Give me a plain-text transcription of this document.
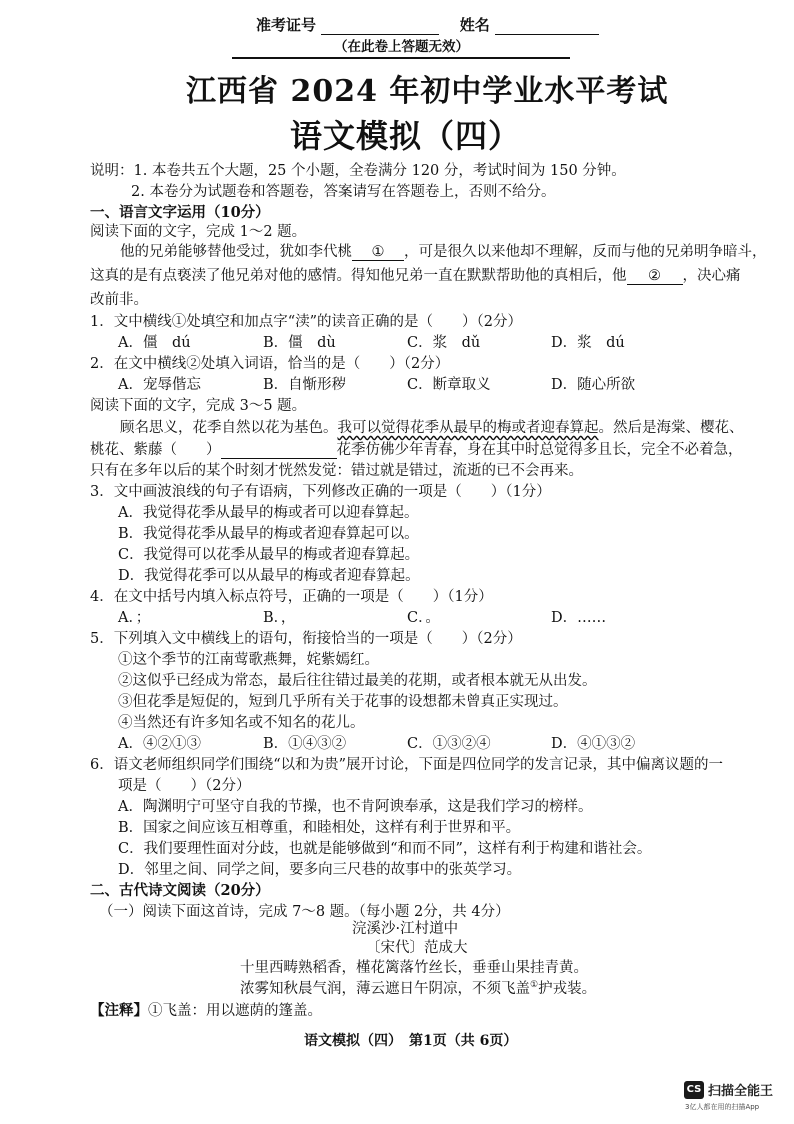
准考证号	姓名
（在此卷上答题无效）
江西省 2024 年初中学业水平考试
语文模拟（四）
说明：1. 本卷共五个大题，25 个小题，全卷满分 120 分，考试时间为 150 分钟。
2. 本卷分为试题卷和答题卷，答案请写在答题卷上，否则不给分。
一、语言文字运用（10分）
阅读下面的文字，完成 1～2 题。
他的兄弟能够替他受过，犹如李代桃 ① ，可是很久以来他却不理解，反而与他的兄弟明争暗斗，
这真的是有点亵渎了他兄弟对他的感情。得知他兄弟一直在默默帮助他的真相后，他 ② ，决心痛
改前非。
1．文中横线①处填空和加点字“渎”的读音正确的是（　　）（2分）
A．僵　dú	B．僵　dù	C．浆　dǔ	D．浆　dú
2．在文中横线②处填入词语，恰当的是（　　）（2分）
A．宠辱偕忘	B．自惭形秽	C．断章取义	D．随心所欲
阅读下面的文字，完成 3～5 题。
顾名思义，花季自然以花为基色。我可以觉得花季从最早的梅或者迎春算起。然后是海棠、樱花、
桃花、紫藤（　　）	花季仿佛少年青春，身在其中时总觉得多且长，完全不必着急，
只有在多年以后的某个时刻才恍然发觉：错过就是错过，流逝的已不会再来。
3．文中画波浪线的句子有语病，下列修改正确的一项是（　　）（1分）
A．我觉得花季从最早的梅或者可以迎春算起。
B．我觉得花季从最早的梅或者迎春算起可以。
C．我觉得可以花季从最早的梅或者迎春算起。
D．我觉得花季可以从最早的梅或者迎春算起。
4．在文中括号内填入标点符号，正确的一项是（　　）（1分）
A．；	B．，	C．。	D．……
5．下列填入文中横线上的语句，衔接恰当的一项是（　　）（2分）
①这个季节的江南莺歌燕舞，姹紫嫣红。
②这似乎已经成为常态，最后往往错过最美的花期，或者根本就无从出发。
③但花季是短促的，短到几乎所有关于花事的设想都未曾真正实现过。
④当然还有许多知名或不知名的花儿。
A．④②①③	B．①④③②	C．①③②④	D．④①③②
6．语文老师组织同学们围绕“以和为贵”展开讨论，下面是四位同学的发言记录，其中偏离议题的一
项是（　　）（2分）
A．陶渊明宁可坚守自我的节操，也不肯阿谀奉承，这是我们学习的榜样。
B．国家之间应该互相尊重，和睦相处，这样有利于世界和平。
C．我们要理性面对分歧，也就是能够做到“和而不同”，这样有利于构建和谐社会。
D．邻里之间、同学之间，要多向三尺巷的故事中的张英学习。
二、古代诗文阅读（20分）
（一）阅读下面这首诗，完成 7～8 题。（每小题 2分，共 4分）
浣溪沙·江村道中
〔宋代〕范成大
十里西畴熟稻香，槿花篱落竹丝长，垂垂山果挂青黄。
浓雾知秋晨气润，薄云遮日午阴凉，不须飞盖①护戎装。
【注释】①飞盖：用以遮荫的篷盖。
语文模拟（四）　第1页（共 6页）
CS 扫描全能王
3亿人都在用的扫描App
